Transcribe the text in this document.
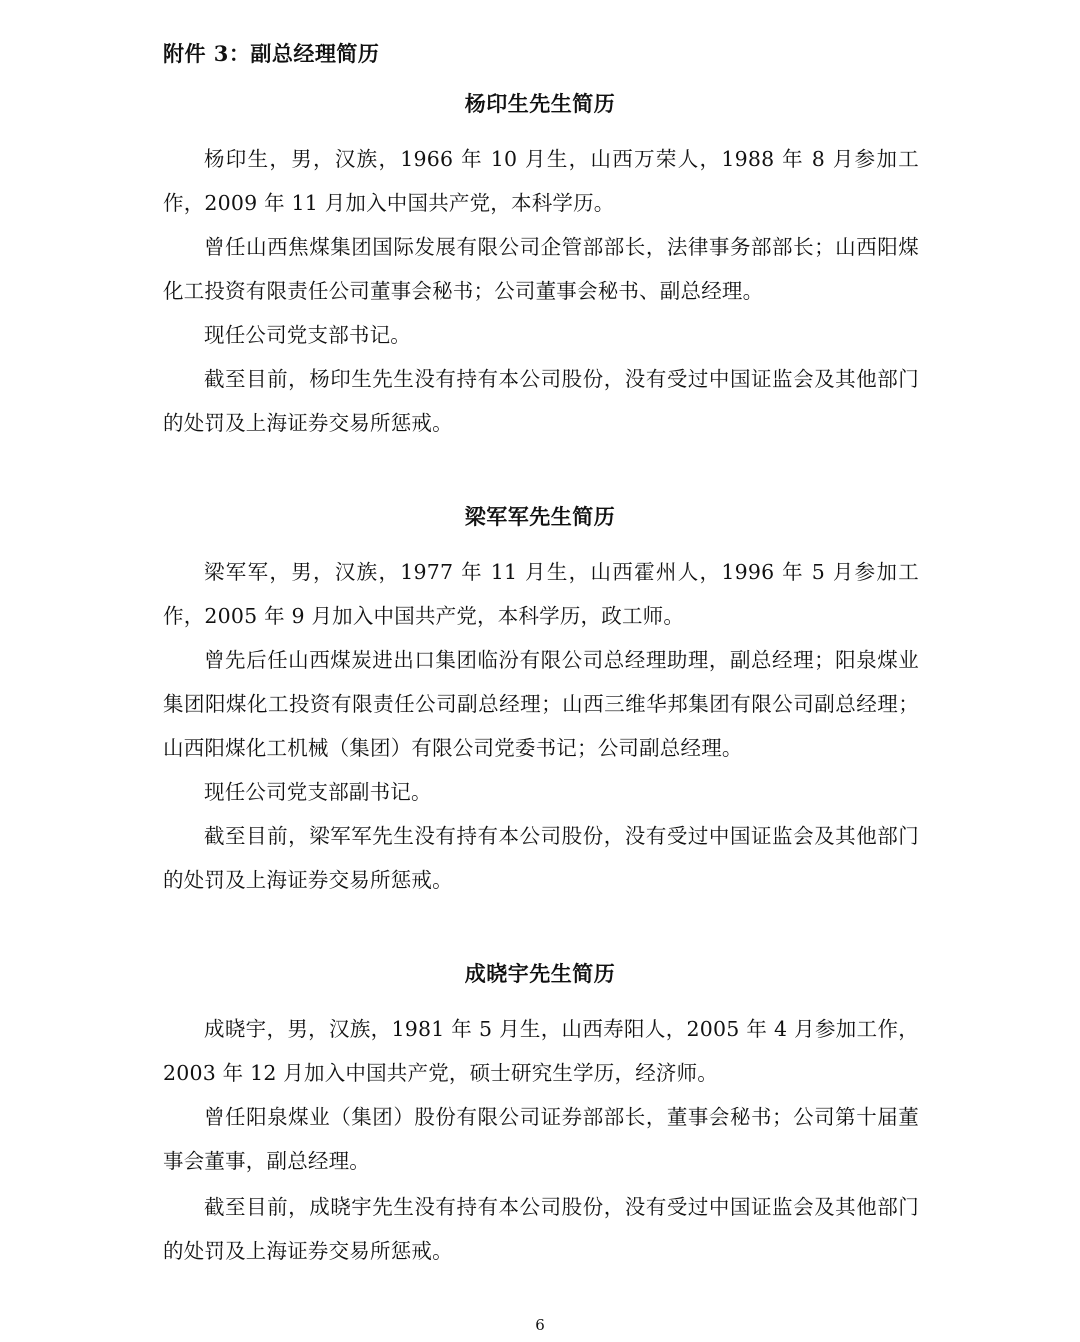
附件 3：副总经理简历
杨印生先生简历
杨印生，男，汉族，1966 年 10 月生，山西万荣人，1988 年 8 月参加工作，2009 年 11 月加入中国共产党，本科学历。
曾任山西焦煤集团国际发展有限公司企管部部长，法律事务部部长；山西阳煤化工投资有限责任公司董事会秘书；公司董事会秘书、副总经理。
现任公司党支部书记。
截至目前，杨印生先生没有持有本公司股份，没有受过中国证监会及其他部门的处罚及上海证券交易所惩戒。
梁军军先生简历
梁军军，男，汉族，1977 年 11 月生，山西霍州人，1996 年 5 月参加工作，2005 年 9 月加入中国共产党，本科学历，政工师。
曾先后任山西煤炭进出口集团临汾有限公司总经理助理，副总经理；阳泉煤业集团阳煤化工投资有限责任公司副总经理；山西三维华邦集团有限公司副总经理；山西阳煤化工机械（集团）有限公司党委书记；公司副总经理。
现任公司党支部副书记。
截至目前，梁军军先生没有持有本公司股份，没有受过中国证监会及其他部门的处罚及上海证券交易所惩戒。
成晓宇先生简历
成晓宇，男，汉族，1981 年 5 月生，山西寿阳人，2005 年 4 月参加工作，2003 年 12 月加入中国共产党，硕士研究生学历，经济师。
曾任阳泉煤业（集团）股份有限公司证券部部长，董事会秘书；公司第十届董事会董事，副总经理。
截至目前，成晓宇先生没有持有本公司股份，没有受过中国证监会及其他部门的处罚及上海证券交易所惩戒。
6
